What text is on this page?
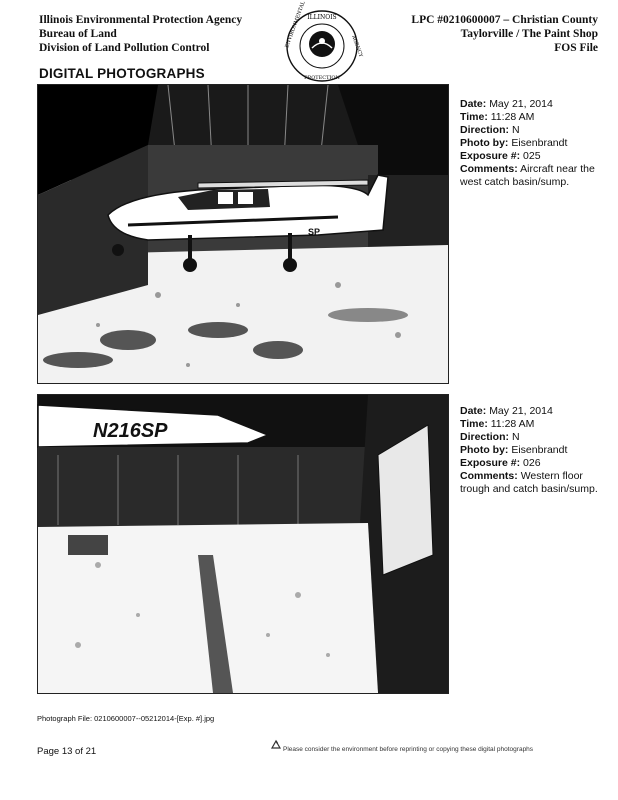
Illinois Environmental Protection Agency
Bureau of Land
Division of Land Pollution Control
ILLINOIS
ENVIRONMENTAL	AGENCY
PROTECTION
LPC #0210600007 – Christian County
Taylorville / The Paint Shop
FOS File
DIGITAL PHOTOGRAPHS
SP
Date: May 21, 2014
Time: 11:28 AM
Direction: N
Photo by: Eisenbrandt
Exposure #: 025
Comments: Aircraft near the west catch basin/sump.
N216SP
Date: May 21, 2014
Time: 11:28 AM
Direction: N
Photo by: Eisenbrandt
Exposure #: 026
Comments: Western floor trough and catch basin/sump.
Photograph File: 0210600007--05212014-[Exp. #].jpg
Page 13 of 21	Please consider the environment before reprinting or copying these digital photographs
